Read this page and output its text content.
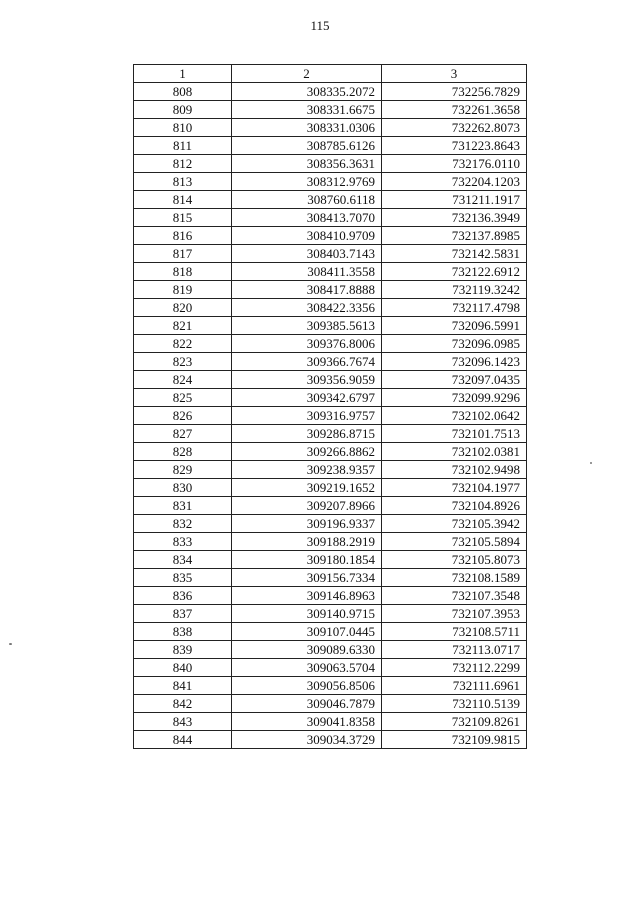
115
1	2	3
808	308335.2072	732256.7829
809	308331.6675	732261.3658
810	308331.0306	732262.8073
811	308785.6126	731223.8643
812	308356.3631	732176.0110
813	308312.9769	732204.1203
814	308760.6118	731211.1917
815	308413.7070	732136.3949
816	308410.9709	732137.8985
817	308403.7143	732142.5831
818	308411.3558	732122.6912
819	308417.8888	732119.3242
820	308422.3356	732117.4798
821	309385.5613	732096.5991
822	309376.8006	732096.0985
823	309366.7674	732096.1423
824	309356.9059	732097.0435
825	309342.6797	732099.9296
826	309316.9757	732102.0642
827	309286.8715	732101.7513
828	309266.8862	732102.0381
829	309238.9357	732102.9498
830	309219.1652	732104.1977
831	309207.8966	732104.8926
832	309196.9337	732105.3942
833	309188.2919	732105.5894
834	309180.1854	732105.8073
835	309156.7334	732108.1589
836	309146.8963	732107.3548
837	309140.9715	732107.3953
838	309107.0445	732108.5711
839	309089.6330	732113.0717
840	309063.5704	732112.2299
841	309056.8506	732111.6961
842	309046.7879	732110.5139
843	309041.8358	732109.8261
844	309034.3729	732109.9815
